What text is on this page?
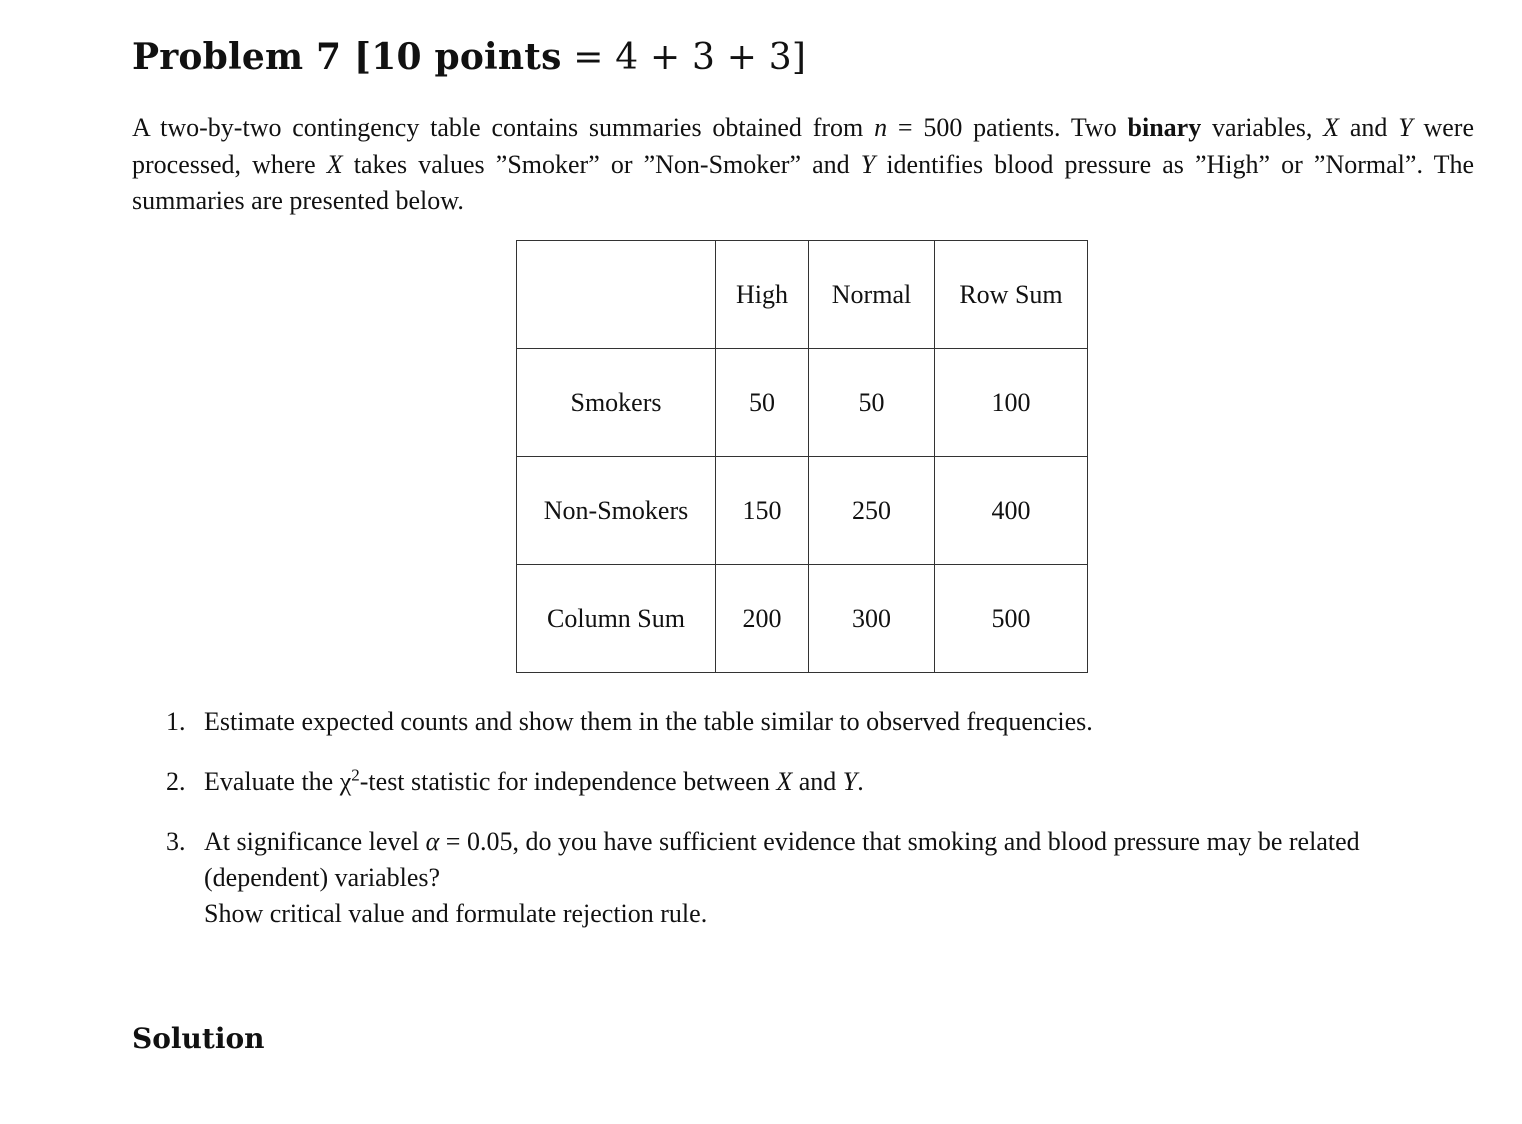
Problem 7 [10 points = 4 + 3 + 3]

A two-by-two contingency table contains summaries obtained from n = 500 patients. Two binary variables, X and Y were processed, where X takes values ”Smoker” or ”Non-Smoker” and Y identifies blood pressure as ”High” or ”Normal”. The summaries are presented below.

	High	Normal	Row Sum
Smokers	50	50	100
Non-Smokers	150	250	400
Column Sum	200	300	500
1. Estimate expected counts and show them in the table similar to observed frequencies.
2. Evaluate the $\chi^2$-test statistic for independence between X and Y.
3. At significance level α = 0.05, do you have sufficient evidence that smoking and blood pressure may be related (dependent) variables?
Show critical value and formulate rejection rule.
Solution
